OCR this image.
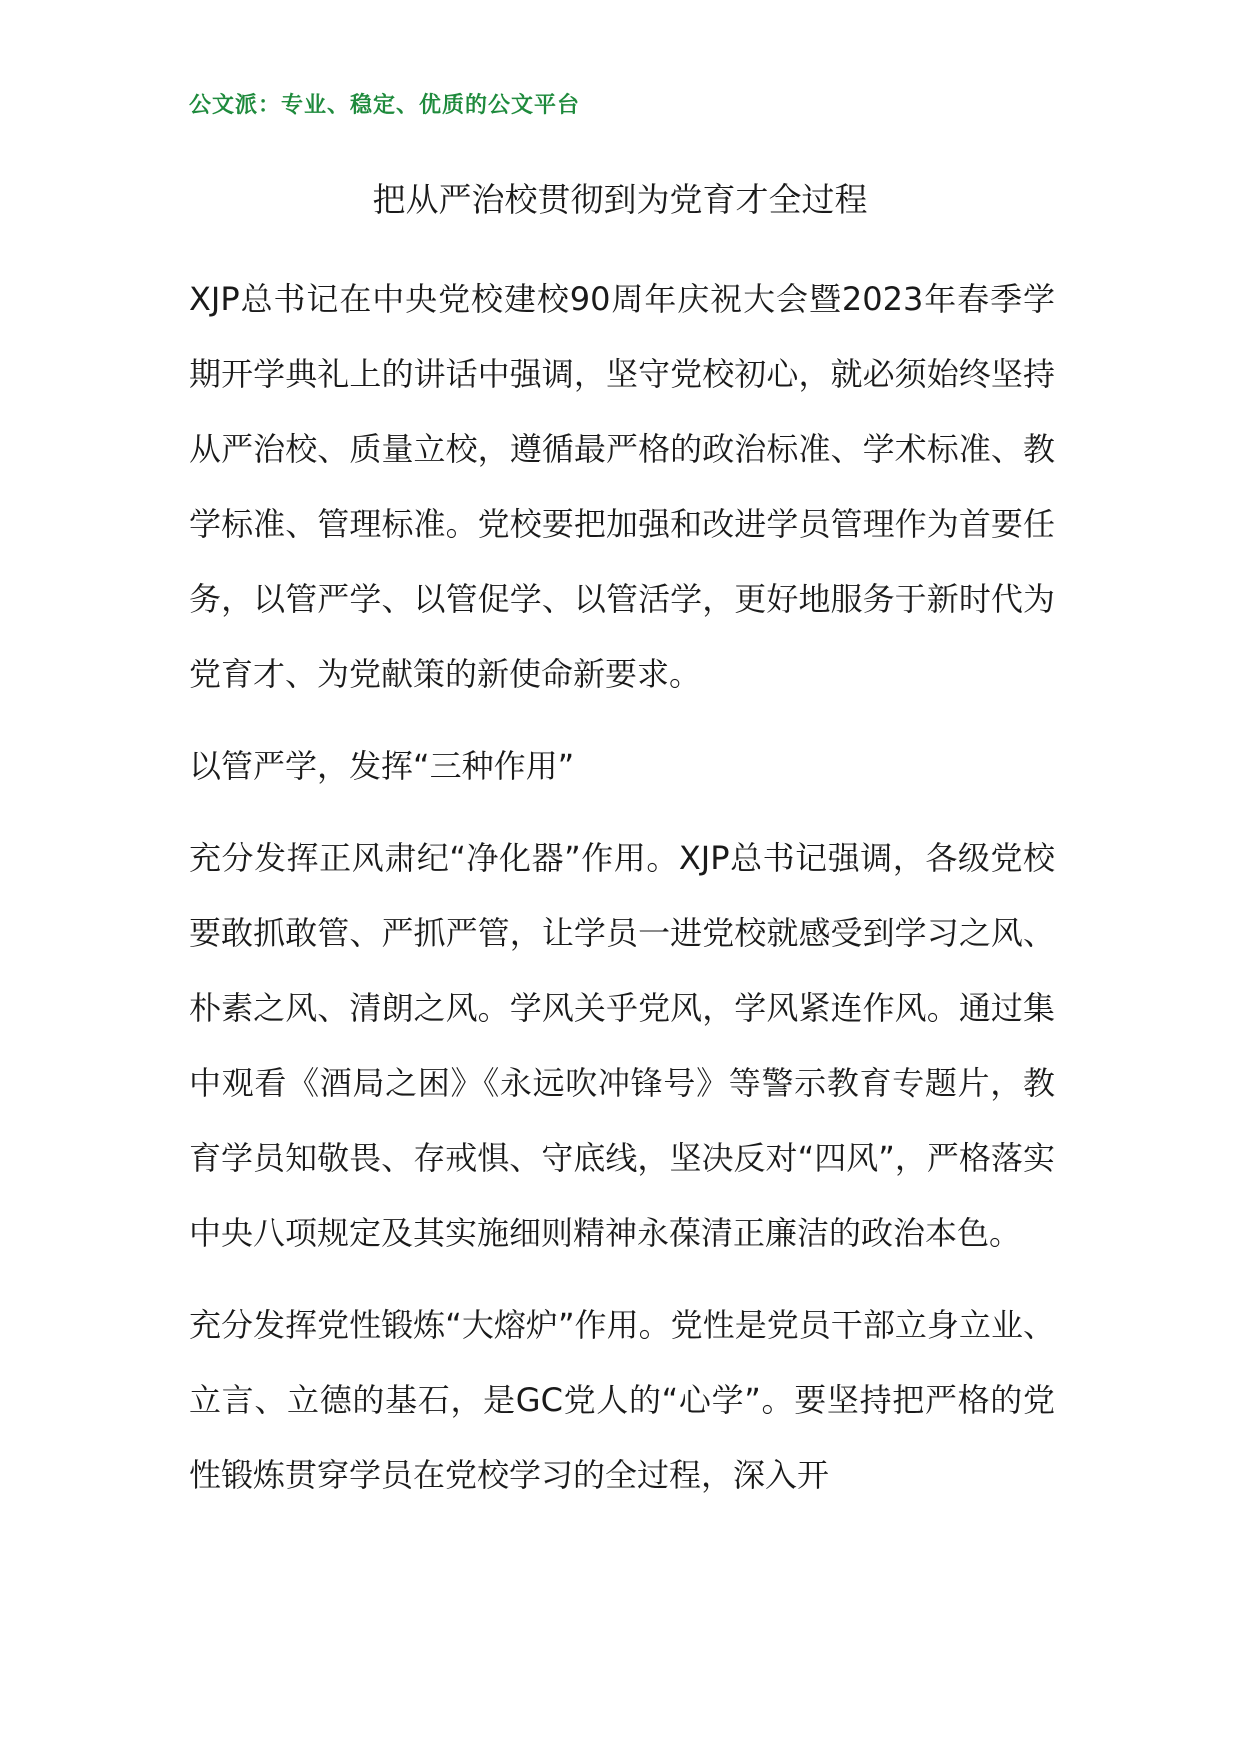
公文派：专业、稳定、优质的公文平台
把从严治校贯彻到为党育才全过程

XJP总书记在中央党校建校90周年庆祝大会暨2023年春季学期开学典礼上的讲话中强调，坚守党校初心，就必须始终坚持从严治校、质量立校，遵循最严格的政治标准、学术标准、教学标准、管理标准。党校要把加强和改进学员管理作为首要任务，以管严学、以管促学、以管活学，更好地服务于新时代为党育才、为党献策的新使命新要求。

以管严学，发挥“三种作用”

充分发挥正风肃纪“净化器”作用。XJP总书记强调，各级党校要敢抓敢管、严抓严管，让学员一进党校就感受到学习之风、朴素之风、清朗之风。学风关乎党风，学风紧连作风。通过集中观看《酒局之困》《永远吹冲锋号》等警示教育专题片，教育学员知敬畏、存戒惧、守底线，坚决反对“四风”，严格落实中央八项规定及其实施细则精神永葆清正廉洁的政治本色。

充分发挥党性锻炼“大熔炉”作用。党性是党员干部立身立业、立言、立德的基石，是GC党人的“心学”。要坚持把严格的党性锻炼贯穿学员在党校学习的全过程，深入开
